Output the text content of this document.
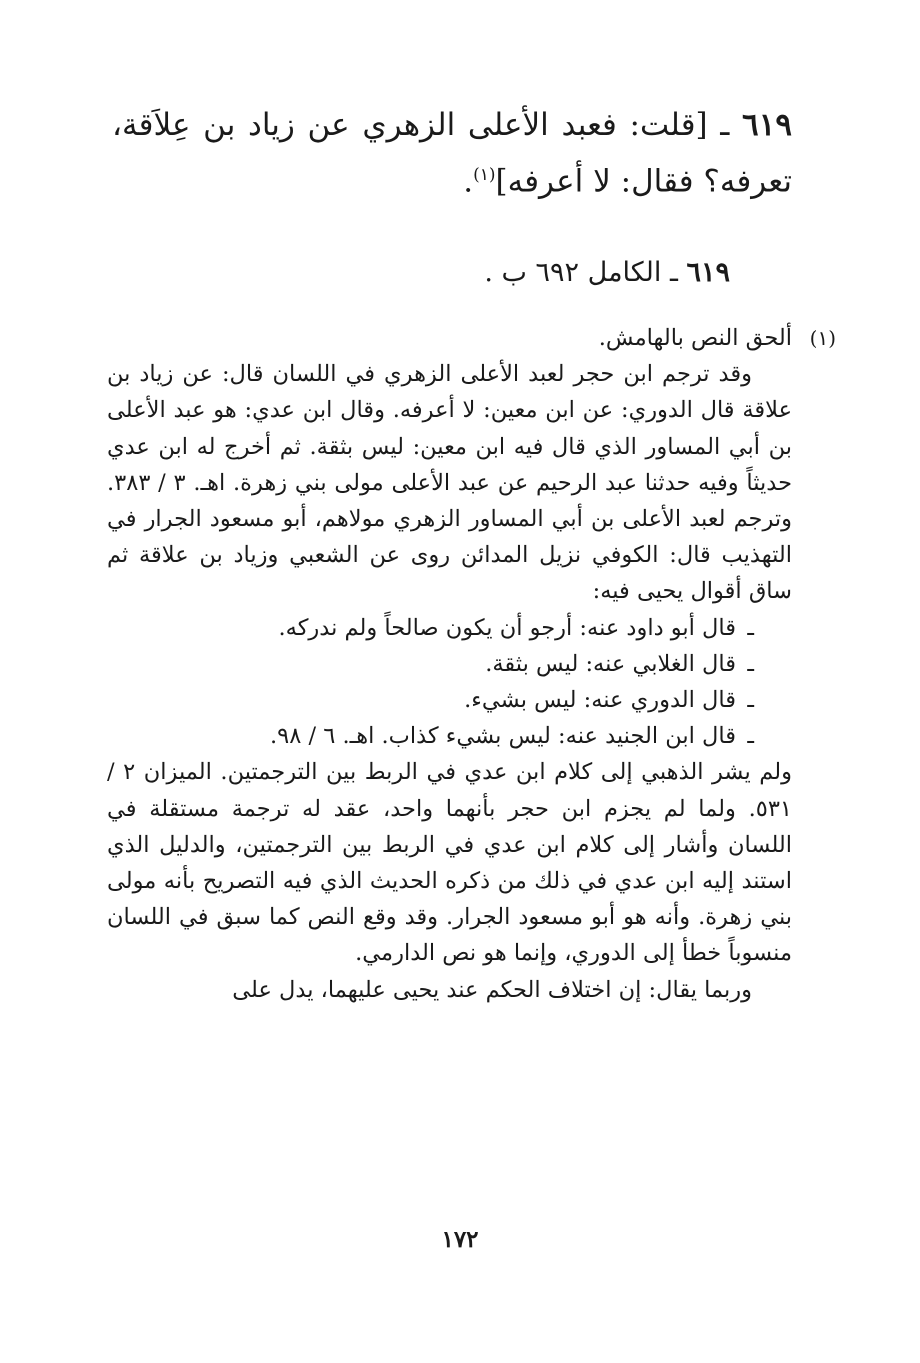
٦١٩ ـ [قلت: فعبد الأعلى الزهري عن زياد بن عِلاَقة، تعرفه؟ فقال: لا أعرفه]$^{(١)}$.
٦١٩ ـ الكامل ٦٩٢ ب .
(١)
ألحق النص بالهامش.

وقد ترجم ابن حجر لعبد الأعلى الزهري في اللسان قال: عن زياد بن علاقة قال الدوري: عن ابن معين: لا أعرفه. وقال ابن عدي: هو عبد الأعلى بن أبي المساور الذي قال فيه ابن معين: ليس بثقة. ثم أخرج له ابن عدي حديثاً وفيه حدثنا عبد الرحيم عن عبد الأعلى مولى بني زهرة. اهـ. ٣ / ٣٨٣. وترجم لعبد الأعلى بن أبي المساور الزهري مولاهم، أبو مسعود الجرار في التهذيب قال: الكوفي نزيل المدائن روى عن الشعبي وزياد بن علاقة ثم ساق أقوال يحيى فيه:

ـ
قال أبو داود عنه: أرجو أن يكون صالحاً ولم ندركه.
ـ
قال الغلابي عنه: ليس بثقة.
ـ
قال الدوري عنه: ليس بشيء.
ـ
قال ابن الجنيد عنه: ليس بشيء كذاب. اهـ. ٦ / ٩٨.

ولم يشر الذهبي إلى كلام ابن عدي في الربط بين الترجمتين. الميزان ٢ / ٥٣١. ولما لم يجزم ابن حجر بأنهما واحد، عقد له ترجمة مستقلة في اللسان وأشار إلى كلام ابن عدي في الربط بين الترجمتين، والدليل الذي استند إليه ابن عدي في ذلك من ذكره الحديث الذي فيه التصريح بأنه مولى بني زهرة. وأنه هو أبو مسعود الجرار. وقد وقع النص كما سبق في اللسان منسوباً خطأ إلى الدوري، وإنما هو نص الدارمي.

وربما يقال: إن اختلاف الحكم عند يحيى عليهما، يدل على

١٧٢
